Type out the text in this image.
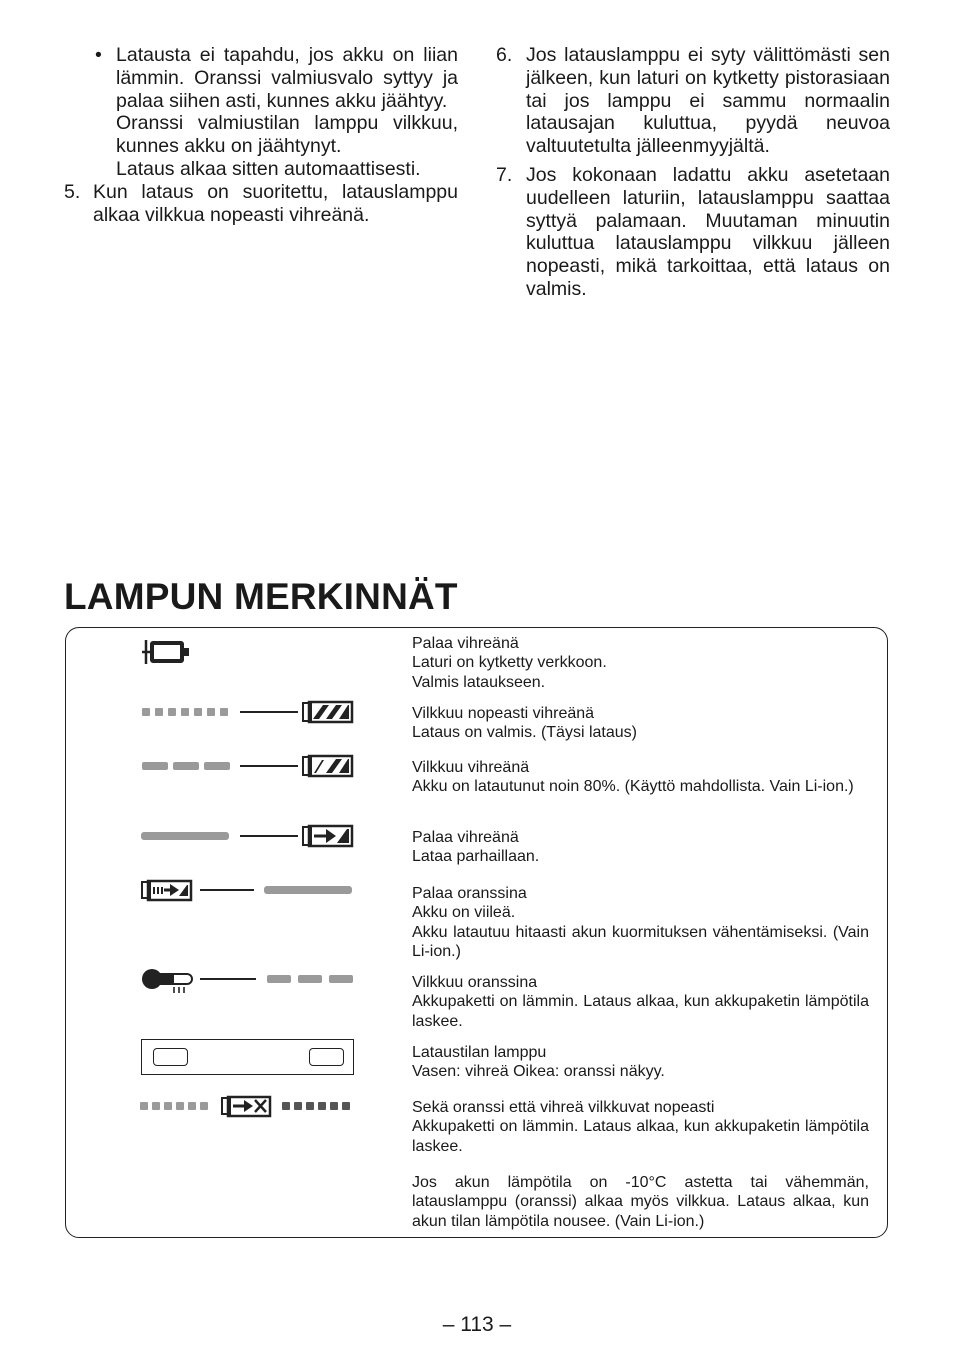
• Latausta ei tapahdu, jos akku on liian lämmin. Oranssi valmiusvalo syttyy ja palaa siihen asti, kunnes akku jäähtyy.

Oranssi valmiustilan lamppu vilkkuu, kunnes akku on jäähtynyt.

Lataus alkaa sitten automaattisesti.

5. Kun lataus on suoritettu, latauslamppu alkaa vilkkua nopeasti vihreänä.

6. Jos latauslamppu ei syty välittömästi sen jälkeen, kun laturi on kytketty pistorasiaan tai jos lamppu ei sammu normaalin latausajan kuluttua, pyydä neuvoa valtuutetulta jälleenmyyjältä.

7. Jos kokonaan ladattu akku asetetaan uudelleen laturiin, latauslamppu saattaa syttyä palamaan. Muutaman minuutin kuluttua latauslamppu vilkkuu jälleen nopeasti, mikä tarkoittaa, että lataus on valmis.

LAMPUN MERKINNÄT
Palaa vihreänä
Laturi on kytketty verkkoon.
Valmis lataukseen.
Vilkkuu nopeasti vihreänä
Lataus on valmis. (Täysi lataus)
Vilkkuu vihreänä
Akku on latautunut noin 80%. (Käyttö mahdollista. Vain Li-ion.)
Palaa vihreänä
Lataa parhaillaan.
Palaa oranssina
Akku on viileä.
Akku latautuu hitaasti akun kuormituksen vähentämiseksi. (Vain Li-ion.)
Vilkkuu oranssina
Akkupaketti on lämmin. Lataus alkaa, kun akkupaketin lämpötila laskee.
Lataustilan lamppu
Vasen: vihreä Oikea: oranssi näkyy.
Sekä oranssi että vihreä vilkkuvat nopeasti
Akkupaketti on lämmin. Lataus alkaa, kun akkupaketin lämpötila laskee.
Jos akun lämpötila on -10°C astetta tai vähemmän, latauslamppu (oranssi) alkaa myös vilkkua. Lataus alkaa, kun akun tilan lämpötila nousee. (Vain Li-ion.)
– 113 –
